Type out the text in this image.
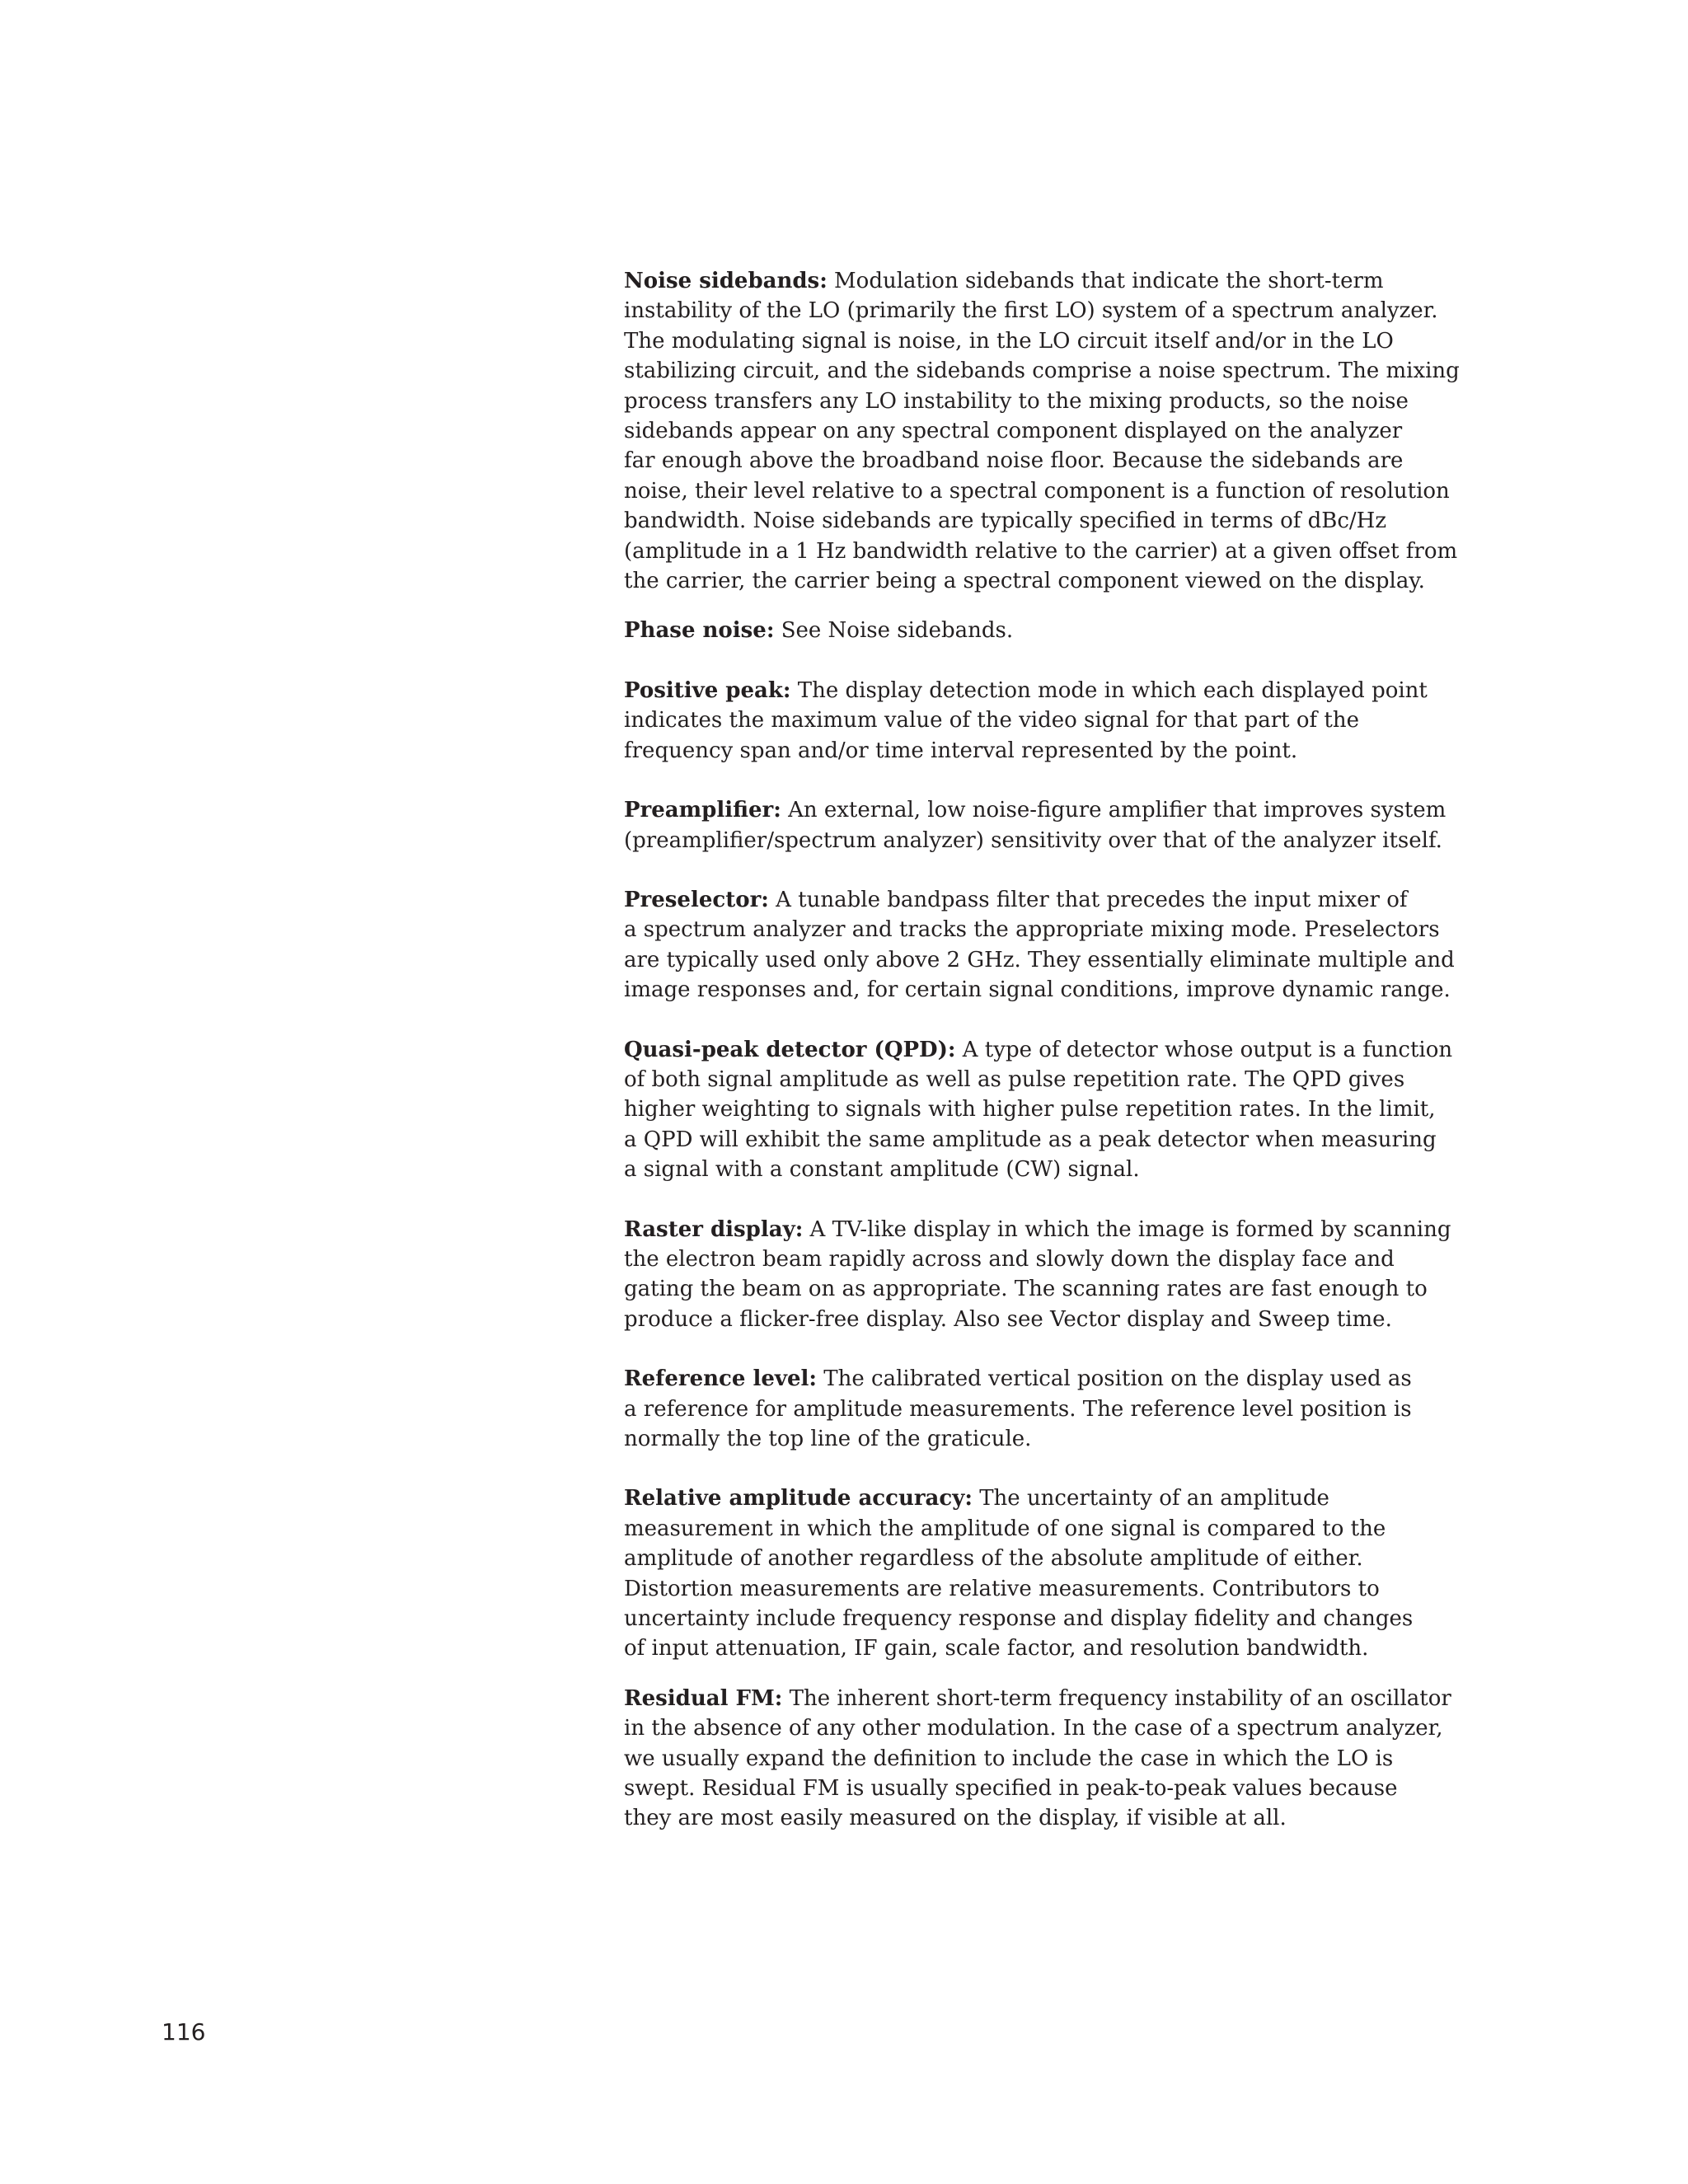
Noise sidebands: Modulation sidebands that indicate the short-term
instability of the LO (primarily the first LO) system of a spectrum analyzer.
The modulating signal is noise, in the LO circuit itself and/or in the LO
stabilizing circuit, and the sidebands comprise a noise spectrum. The mixing
process transfers any LO instability to the mixing products, so the noise
sidebands appear on any spectral component displayed on the analyzer
far enough above the broadband noise floor. Because the sidebands are
noise, their level relative to a spectral component is a function of resolution
bandwidth. Noise sidebands are typically specified in terms of dBc/Hz
(amplitude in a 1 Hz bandwidth relative to the carrier) at a given offset from
the carrier, the carrier being a spectral component viewed on the display.
Phase noise: See Noise sidebands.
Positive peak: The display detection mode in which each displayed point
indicates the maximum value of the video signal for that part of the
frequency span and/or time interval represented by the point.
Preamplifier: An external, low noise-figure amplifier that improves system
(preamplifier/spectrum analyzer) sensitivity over that of the analyzer itself.
Preselector: A tunable bandpass filter that precedes the input mixer of
a spectrum analyzer and tracks the appropriate mixing mode. Preselectors
are typically used only above 2 GHz. They essentially eliminate multiple and
image responses and, for certain signal conditions, improve dynamic range.
Quasi-peak detector (QPD): A type of detector whose output is a function
of both signal amplitude as well as pulse repetition rate. The QPD gives
higher weighting to signals with higher pulse repetition rates. In the limit,
a QPD will exhibit the same amplitude as a peak detector when measuring
a signal with a constant amplitude (CW) signal.
Raster display: A TV-like display in which the image is formed by scanning
the electron beam rapidly across and slowly down the display face and
gating the beam on as appropriate. The scanning rates are fast enough to
produce a flicker-free display. Also see Vector display and Sweep time.
Reference level: The calibrated vertical position on the display used as
a reference for amplitude measurements. The reference level position is
normally the top line of the graticule.
Relative amplitude accuracy: The uncertainty of an amplitude
measurement in which the amplitude of one signal is compared to the
amplitude of another regardless of the absolute amplitude of either.
Distortion measurements are relative measurements. Contributors to
uncertainty include frequency response and display fidelity and changes
of input attenuation, IF gain, scale factor, and resolution bandwidth.
Residual FM: The inherent short-term frequency instability of an oscillator
in the absence of any other modulation. In the case of a spectrum analyzer,
we usually expand the definition to include the case in which the LO is
swept. Residual FM is usually specified in peak-to-peak values because
they are most easily measured on the display, if visible at all.
116
